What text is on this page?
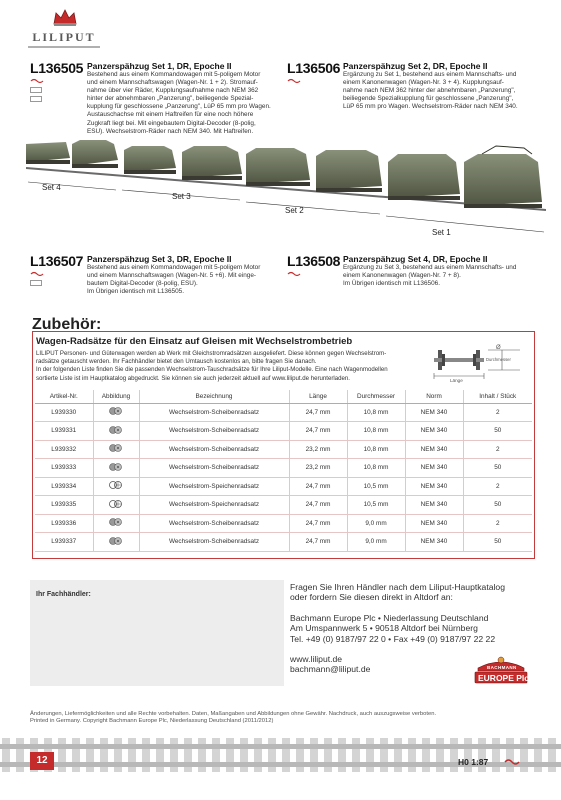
LILIPUT
L136505 Panzerspähzug Set 1, DR, Epoche II
Bestehend aus einem Kommandowagen mit 5-poligem Motor
und einem Mannschaftswagen (Wagen-Nr. 1 + 2). Stromauf-
nahme über vier Räder, Kupplungsaufnahme nach NEM 362
hinter der abnehmbaren „Panzerung", beiliegende Spezial-
kupplung für geschlossene „Panzerung", LüP 65 mm pro Wagen.
Austauschachse mit einem Haftreifen für eine noch höhere
Zugkraft liegt bei. Mit eingebautem Digital-Decoder (8-polig,
ESU). Wechselstrom-Räder nach NEM 340. Mit Haftreifen.
L136506 Panzerspähzug Set 2, DR, Epoche II
Ergänzung zu Set 1, bestehend aus einem Mannschafts- und
einem Kanonenwagen (Wagen-Nr. 3 + 4). Kupplungsauf-
nahme nach NEM 362 hinter der abnehmbaren „Panzerung",
beiliegende Spezialkupplung für geschlossene „Panzerung",
LüP 65 mm pro Wagen. Wechselstrom-Räder nach NEM 340.
Set 4
Set 3
Set 2
Set 1
L136507 Panzerspähzug Set 3, DR, Epoche II
Bestehend aus einem Kommandowagen mit 5-poligem Motor
und einem Mannschaftswagen (Wagen-Nr. 5 +6). Mit einge-
bautem Digital-Decoder (8-polig, ESU).
Im Übrigen identisch mit L136505.
L136508 Panzerspähzug Set 4, DR, Epoche II
Ergänzung zu Set 3, bestehend aus einem Mannschafts- und
einem Kanonenwagen (Wagen-Nr. 7 + 8).
Im Übrigen identisch mit L136506.
Zubehör:
Wagen-Radsätze für den Einsatz auf Gleisen mit Wechselstrombetrieb
LILIPUT Personen- und Güterwagen werden ab Werk mit Gleichstromradsätzen ausgeliefert. Diese können gegen Wechselstrom-
radsätze getauscht werden. Ihr Fachhändler bietet den Umtausch kostenlos an, bitte fragen Sie danach.
In der folgenden Liste finden Sie die passenden Wechselstrom-Tauschradsätze für Ihre Liliput-Modelle. Eine nach Wagenmodellen
sortierte Liste ist im Hauptkatalog abgedruckt. Sie können sie auch jederzeit aktuell auf www.liliput.de herunterladen.
Ø
Durchmesser
Länge
Artikel-Nr.	Abbildung	Bezeichnung	Länge	Durchmesser	Norm	Inhalt / Stück
L939330		Wechselstrom-Scheibenradsatz	24,7 mm	10,8 mm	NEM 340	2
L939331		Wechselstrom-Scheibenradsatz	24,7 mm	10,8 mm	NEM 340	50
L939332		Wechselstrom-Scheibenradsatz	23,2 mm	10,8 mm	NEM 340	2
L939333		Wechselstrom-Scheibenradsatz	23,2 mm	10,8 mm	NEM 340	50
L939334		Wechselstrom-Speichenradsatz	24,7 mm	10,5 mm	NEM 340	2
L939335		Wechselstrom-Speichenradsatz	24,7 mm	10,5 mm	NEM 340	50
L939336		Wechselstrom-Scheibenradsatz	24,7 mm	9,0 mm	NEM 340	2
L939337		Wechselstrom-Scheibenradsatz	24,7 mm	9,0 mm	NEM 340	50
Ihr Fachhändler:
Fragen Sie Ihren Händler nach dem Liliput-Hauptkatalog
oder fordern Sie diesen direkt in Altdorf an:
Bachmann Europe Plc • Niederlassung Deutschland
Am Umspannwerk 5 • 90518 Altdorf bei Nürnberg
Tel. +49 (0) 9187/97 22 0 • Fax +49 (0) 9187/97 22 22
www.liliput.de
bachmann@liliput.de	BACHMANN
EUROPE Plc
Änderungen, Liefermöglichkeiten und alle Rechte vorbehalten. Daten, Maßangaben und Abbildungen ohne Gewähr. Nachdruck, auch auszugsweise verboten.
Printed in Germany. Copyright Bachmann Europe Plc, Niederlassung Deutschland (2011/2012)
12	H0 1:87
